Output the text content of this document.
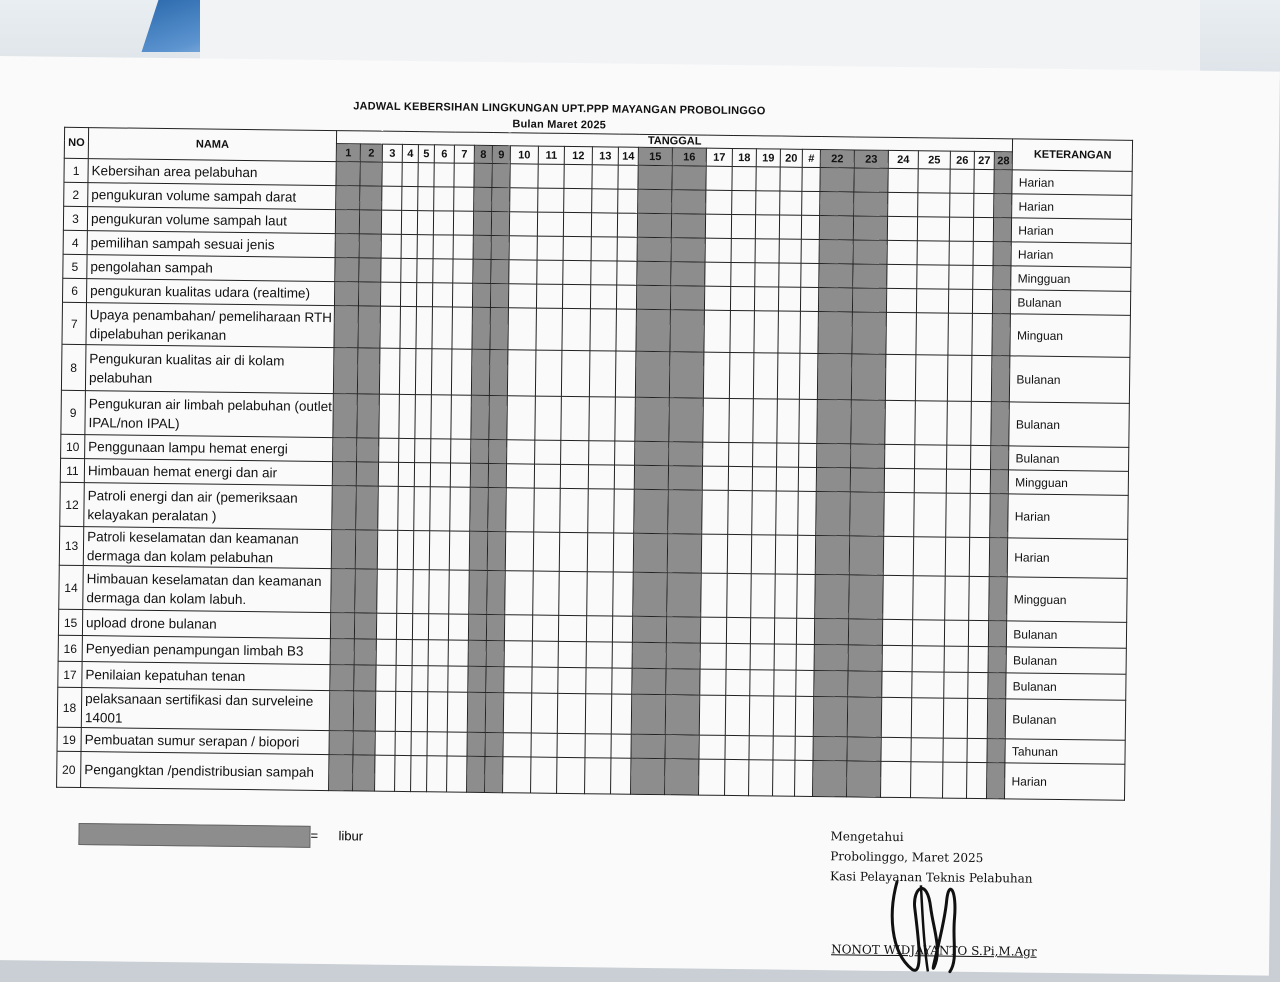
JADWAL KEBERSIHAN LINGKUNGAN UPT.PPP MAYANGAN PROBOLINGGO
Bulan Maret 2025
NO	NAMA	TANGGAL																												KETERANGAN
		1	2	3	4	5	6	7	8	9	10	11	12	13	14	15	16	17	18	19	20	#	22	23	24	25	26	27	28	
1	Kebersihan area pelabuhan																													Harian
2	pengukuran volume sampah darat																													Harian
3	pengukuran volume sampah laut																													Harian
4	pemilihan sampah sesuai jenis																													Harian
5	pengolahan sampah																													Mingguan
6	pengukuran kualitas udara (realtime)																													Bulanan
7	Upaya penambahan/ pemeliharaan RTH dipelabuhan perikanan																													Minguan
8	Pengukuran kualitas air di kolam pelabuhan																													Bulanan
9	Pengukuran air limbah pelabuhan (outlet IPAL/non IPAL)																													Bulanan
10	Penggunaan lampu hemat energi																													Bulanan
11	Himbauan hemat energi dan air																													Mingguan
12	Patroli energi dan air (pemeriksaan kelayakan peralatan )																													Harian
13	Patroli keselamatan dan keamanan dermaga dan kolam pelabuhan																													Harian
14	Himbauan keselamatan dan keamanan dermaga dan kolam labuh.																													Mingguan
15	upload drone bulanan																													Bulanan
16	Penyedian penampungan limbah B3																													Bulanan
17	Penilaian kepatuhan tenan																													Bulanan
18	pelaksanaan sertifikasi dan surveleine 14001																													Bulanan
19	Pembuatan sumur serapan / biopori																													Tahunan
20	Pengangktan /pendistribusian sampah																													Harian
= libur	Mengetahui
Probolinggo, Maret 2025
Kasi Pelayanan Teknis Pelabuhan
NONOT WIDJAYANTO S.Pi,M.Agr
